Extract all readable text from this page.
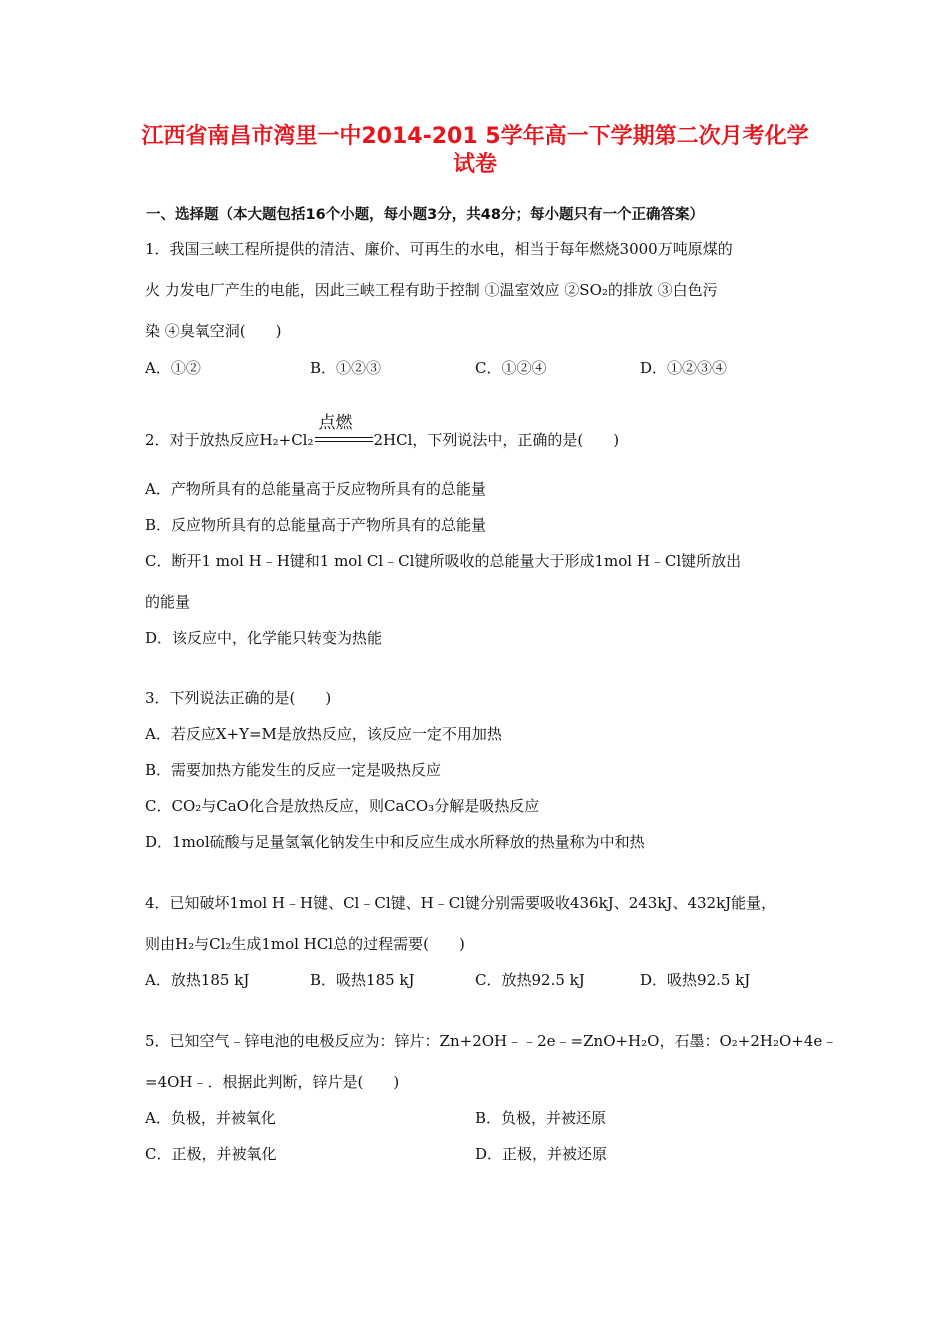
江西省南昌市湾里一中2014-201 5学年高一下学期第二次月考化学
试卷
一、选择题（本大题包括16个小题，每小题3分，共48分；每小题只有一个正确答案）
1．我国三峡工程所提供的清洁、廉价、可再生的水电，相当于每年燃烧3000万吨原煤的
火 力发电厂产生的电能，因此三峡工程有助于控制 ①温室效应 ②SO₂的排放 ③白色污
染 ④臭氧空洞(　　)
A．①②	B．①②③	C．①②④	D．①②③④
2．对于放热反应H₂+Cl₂
点燃
2HCl，下列说法中，正确的是(　　)
A．产物所具有的总能量高于反应物所具有的总能量
B．反应物所具有的总能量高于产物所具有的总能量
C．断开1 mol H﹣H键和1 mol Cl﹣Cl键所吸收的总能量大于形成1mol H﹣Cl键所放出
的能量
D．该反应中，化学能只转变为热能
3．下列说法正确的是(　　)
A．若反应X+Y=M是放热反应，该反应一定不用加热
B．需要加热方能发生的反应一定是吸热反应
C．CO₂与CaO化合是放热反应，则CaCO₃分解是吸热反应
D．1mol硫酸与足量氢氧化钠发生中和反应生成水所释放的热量称为中和热
4．已知破坏1mol H﹣H键、Cl﹣Cl键、H﹣Cl键分别需要吸收436kJ、243kJ、432kJ能量，
则由H₂与Cl₂生成1mol HCl总的过程需要(　　)
A．放热185 kJ	B．吸热185 kJ	C．放热92.5 kJ	D．吸热92.5 kJ
5．已知空气﹣锌电池的电极反应为：锌片：Zn+2OH﹣﹣2e﹣=ZnO+H₂O，石墨：O₂+2H₂O+4e﹣
=4OH﹣．根据此判断，锌片是(　　)
A．负极，并被氧化	B．负极，并被还原
C．正极，并被氧化	D．正极，并被还原
